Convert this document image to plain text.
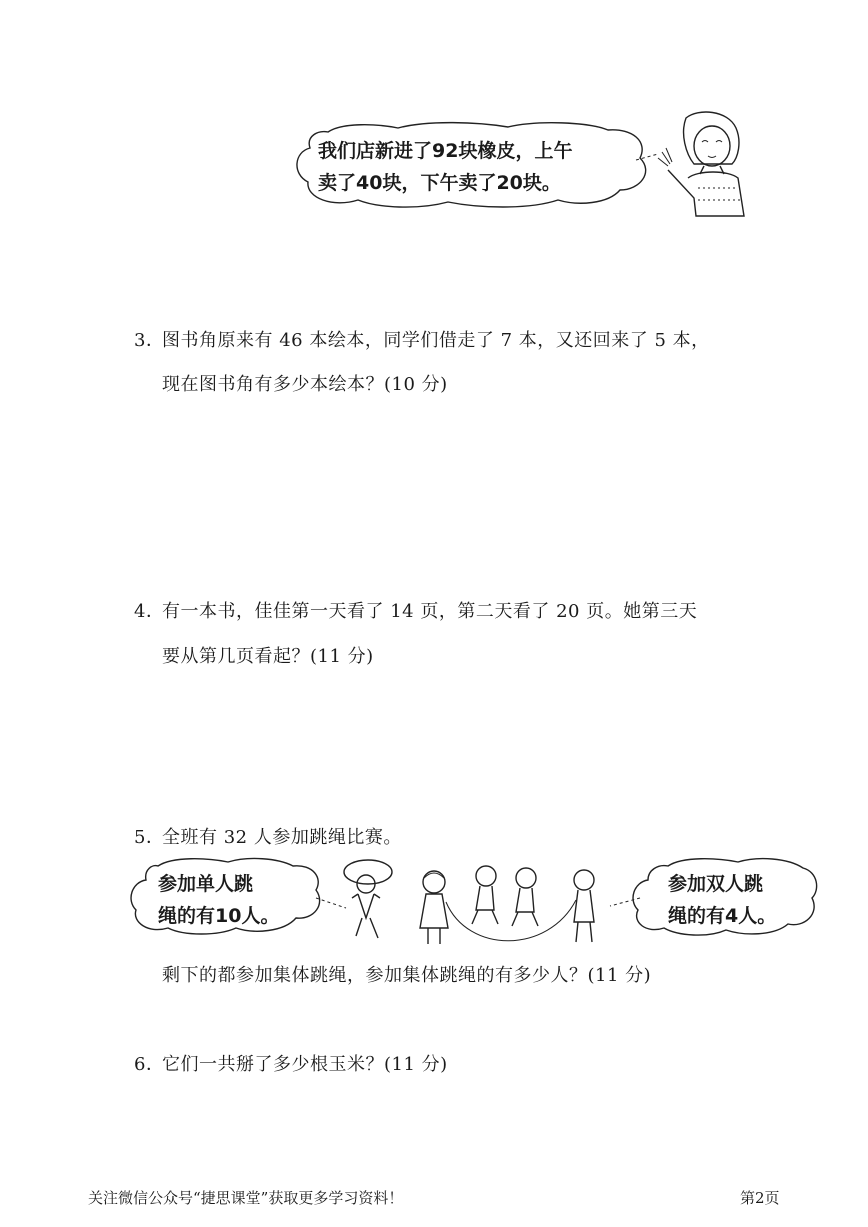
我们店新进了92块橡皮，上午
卖了40块，下午卖了20块。
3．
图书角原来有 46 本绘本，同学们借走了 7 本，又还回来了 5 本，
现在图书角有多少本绘本？(10 分)
4．
有一本书，佳佳第一天看了 14 页，第二天看了 20 页。她第三天
要从第几页看起？(11 分)
5．
全班有 32 人参加跳绳比赛。
参加单人跳
绳的有10人。
参加双人跳
绳的有4人。
剩下的都参加集体跳绳，参加集体跳绳的有多少人？(11 分)
6．
它们一共掰了多少根玉米？(11 分)
关注微信公众号“捷思课堂”获取更多学习资料！	第2页
